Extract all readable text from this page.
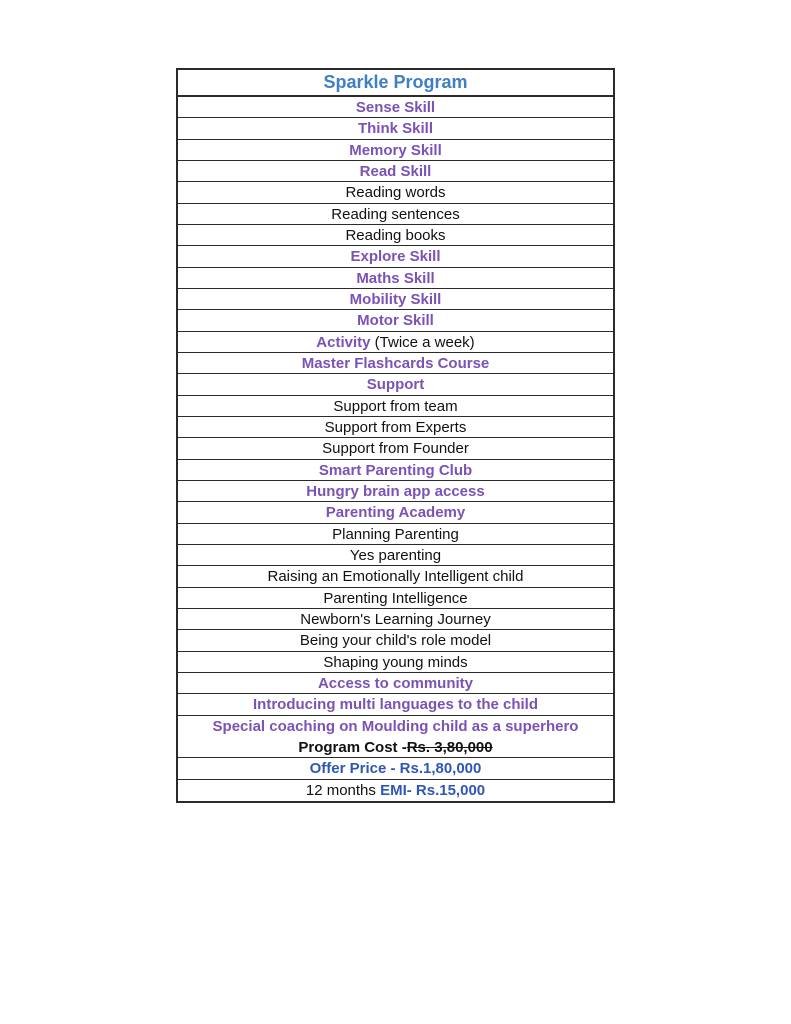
Sparkle Program
Sense Skill
Think Skill
Memory Skill
Read Skill
Reading words
Reading sentences
Reading books
Explore Skill
Maths Skill
Mobility Skill
Motor Skill
Activity (Twice a week)
Master Flashcards Course
Support
Support from team
Support from Experts
Support from Founder
Smart Parenting Club
Hungry brain app access
Parenting Academy
Planning Parenting
Yes parenting
Raising an Emotionally Intelligent child
Parenting Intelligence
Newborn's Learning Journey
Being your child's role model
Shaping young minds
Access to community
Introducing multi languages to the child
Special coaching on Moulding child as a superhero
Program Cost -Rs. 3,80,000
Offer Price - Rs.1,80,000
12 months EMI- Rs.15,000
